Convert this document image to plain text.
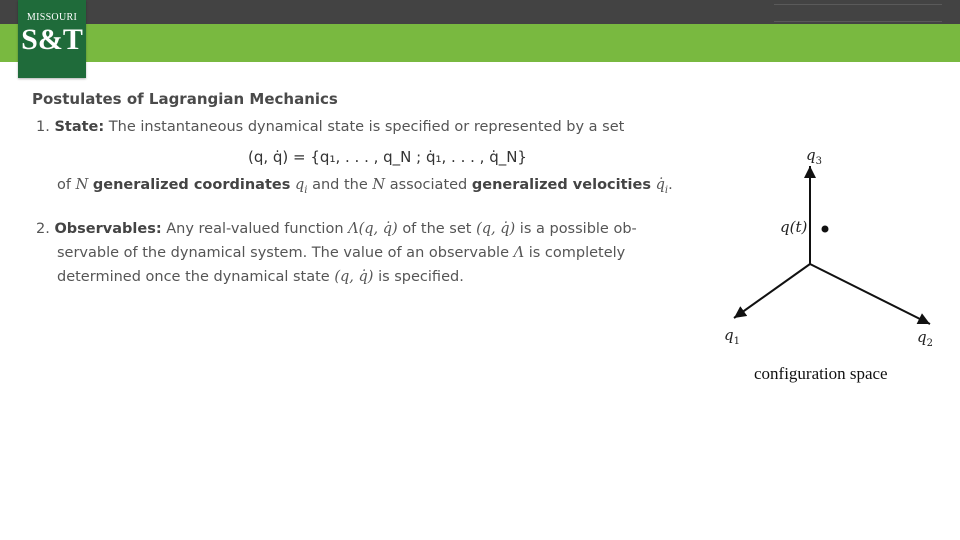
MISSOURI
S&T
Postulates of Lagrangian Mechanics
1. State: The instantaneous dynamical state is specified or represented by a set
(q, q̇) = {q₁, . . . , q_N ; q̇₁, . . . , q̇_N}
of N generalized coordinates $q_i$ and the N associated generalized velocities $q̇_i$.
2. Observables: Any real-valued function Λ(q, q̇) of the set (q, q̇) is a possible ob-
servable of the dynamical system. The value of an observable Λ is completely
determined once the dynamical state (q, q̇) is specified.
$q_3$
q(t)
$q_1$	$q_2$
configuration space
